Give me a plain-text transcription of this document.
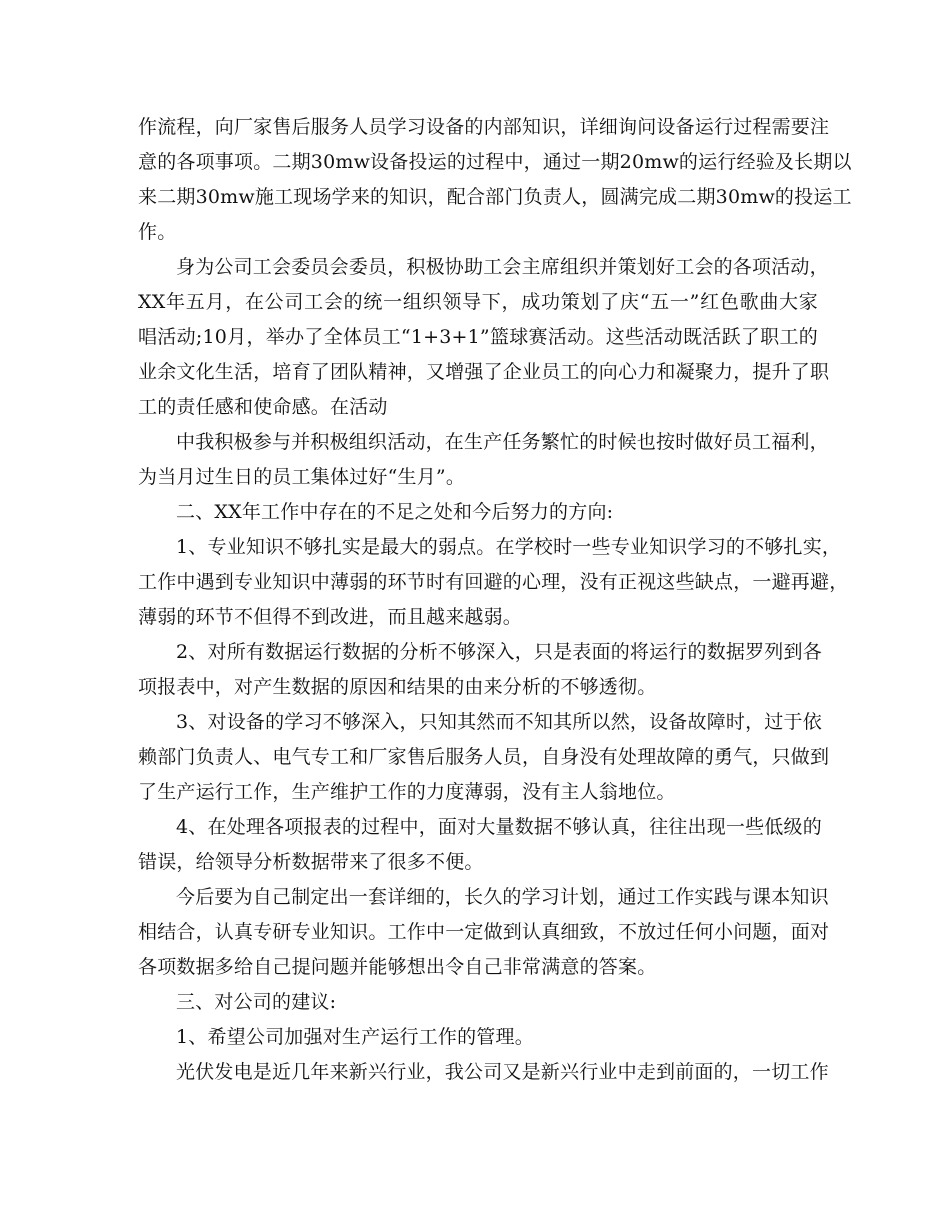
作流程，向厂家售后服务人员学习设备的内部知识，详细询问设备运行过程需要注
意的各项事项。二期30mw设备投运的过程中，通过一期20mw的运行经验及长期以
来二期30mw施工现场学来的知识，配合部门负责人，圆满完成二期30mw的投运工
作。
身为公司工会委员会委员，积极协助工会主席组织并策划好工会的各项活动，
XX年五月，在公司工会的统一组织领导下，成功策划了庆“五一”红色歌曲大家
唱活动;10月，举办了全体员工“1+3+1”篮球赛活动。这些活动既活跃了职工的
业余文化生活，培育了团队精神，又增强了企业员工的向心力和凝聚力，提升了职
工的责任感和使命感。在活动
中我积极参与并积极组织活动，在生产任务繁忙的时候也按时做好员工福利，
为当月过生日的员工集体过好“生月”。
二、XX年工作中存在的不足之处和今后努力的方向:
1、专业知识不够扎实是最大的弱点。在学校时一些专业知识学习的不够扎实，
工作中遇到专业知识中薄弱的环节时有回避的心理，没有正视这些缺点，一避再避，
薄弱的环节不但得不到改进，而且越来越弱。
2、对所有数据运行数据的分析不够深入，只是表面的将运行的数据罗列到各
项报表中，对产生数据的原因和结果的由来分析的不够透彻。
3、对设备的学习不够深入，只知其然而不知其所以然，设备故障时，过于依
赖部门负责人、电气专工和厂家售后服务人员，自身没有处理故障的勇气，只做到
了生产运行工作，生产维护工作的力度薄弱，没有主人翁地位。
4、在处理各项报表的过程中，面对大量数据不够认真，往往出现一些低级的
错误，给领导分析数据带来了很多不便。
今后要为自己制定出一套详细的，长久的学习计划，通过工作实践与课本知识
相结合，认真专研专业知识。工作中一定做到认真细致，不放过任何小问题，面对
各项数据多给自己提问题并能够想出令自己非常满意的答案。
三、对公司的建议:
1、希望公司加强对生产运行工作的管理。
光伏发电是近几年来新兴行业，我公司又是新兴行业中走到前面的，一切工作
